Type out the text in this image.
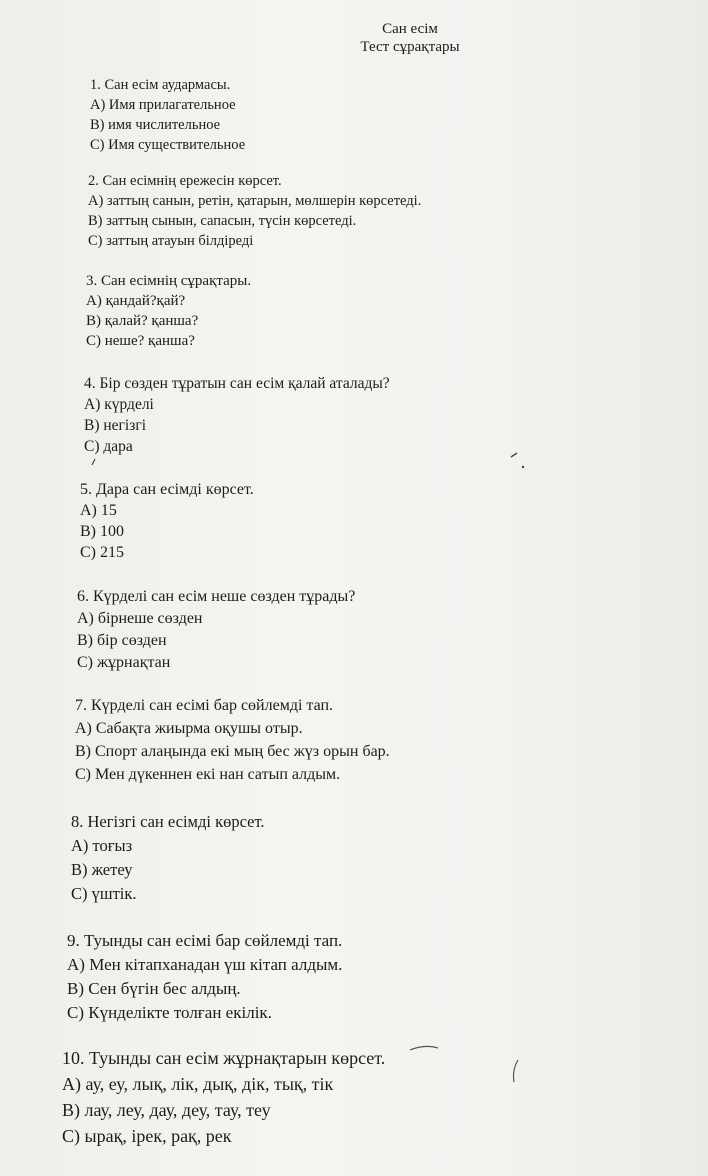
Сан есім
Тест сұрақтары
1. Сан есім аудармасы.
А) Имя прилагательное
В) имя числительное
С) Имя существительное
2. Сан есімнің ережесін көрсет.
А) заттың санын, ретін, қатарын, мөлшерін көрсетеді.
В) заттың сынын, сапасын, түсін көрсетеді.
С) заттың атауын білдіреді
3. Сан есімнің сұрақтары.
А) қандай?қай?
В) қалай? қанша?
С) неше? қанша?
4. Бір сөзден тұратын сан есім қалай аталады?
А) күрделі
В) негізгі
С) дара
5. Дара сан есімді көрсет.
А) 15
В) 100
С) 215
6. Күрделі сан есім неше сөзден тұрады?
А) бірнеше сөзден
В) бір сөзден
С) жұрнақтан
7. Күрделі сан есімі бар сөйлемді тап.
А) Сабақта жиырма оқушы отыр.
В) Спорт алаңында екі мың бес жүз орын бар.
С) Мен дүкеннен екі нан сатып алдым.
8. Негізгі сан есімді көрсет.
А) тоғыз
В) жетеу
С) үштік.
9. Туынды сан есімі бар сөйлемді тап.
А) Мен кітапханадан үш кітап алдым.
В) Сен бүгін бес алдың.
С) Күнделікте толған екілік.
10. Туынды сан есім жұрнақтарын көрсет.
А) ау, еу, лық, лік, дық, дік, тық, тік
В) лау, леу, дау, деу, тау, теу
С) ырақ, ірек, рақ, рек
